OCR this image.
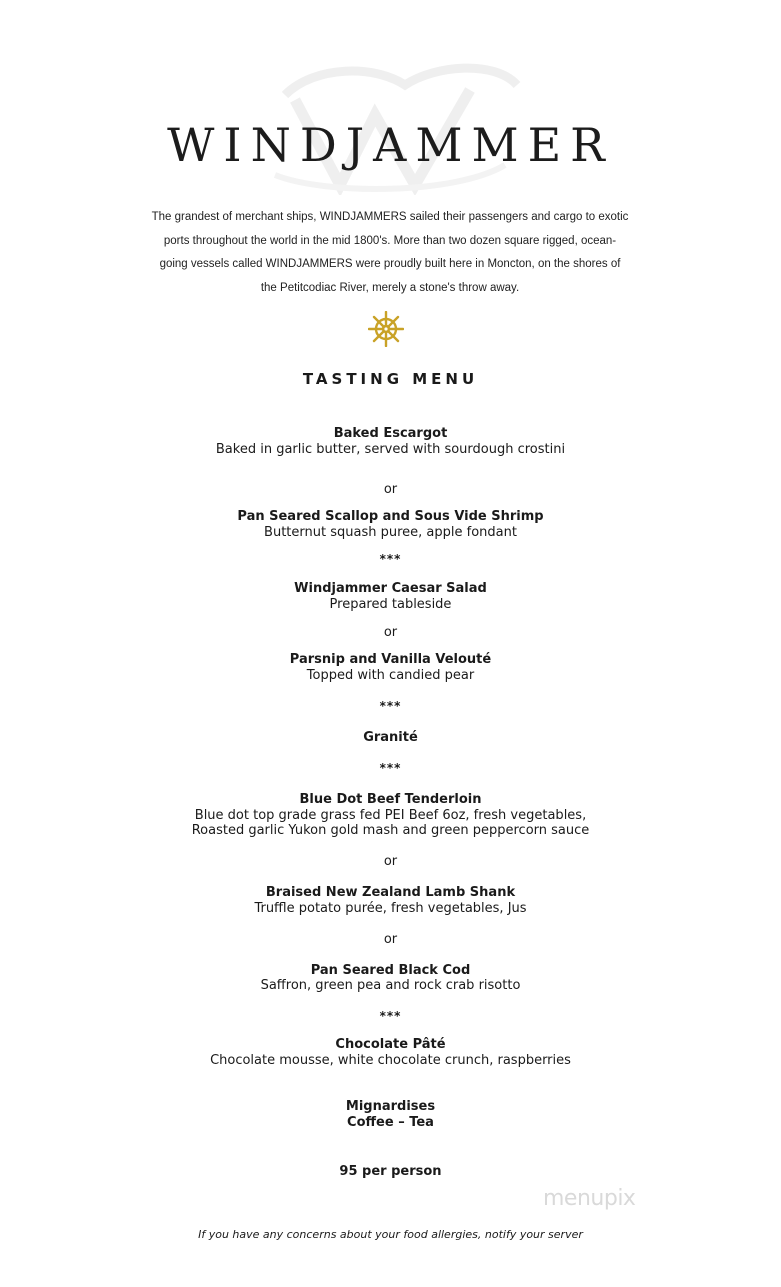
WINDJAMMER
The grandest of merchant ships, WINDJAMMERS sailed their passengers and cargo to exotic
ports throughout the world in the mid 1800's. More than two dozen square rigged, ocean-
going vessels called WINDJAMMERS were proudly built here in Moncton, on the shores of
the Petitcodiac River, merely a stone's throw away.
TASTING MENU
Baked Escargot
Baked in garlic butter, served with sourdough crostini
or
Pan Seared Scallop and Sous Vide Shrimp
Butternut squash puree, apple fondant
***
Windjammer Caesar Salad
Prepared tableside
or
Parsnip and Vanilla Velouté
Topped with candied pear
***
Granité
***
Blue Dot Beef Tenderloin
Blue dot top grade grass fed PEI Beef 6oz, fresh vegetables,
Roasted garlic Yukon gold mash and green peppercorn sauce
or
Braised New Zealand Lamb Shank
Truffle potato purée, fresh vegetables, Jus
or
Pan Seared Black Cod
Saffron, green pea and rock crab risotto
***
Chocolate Pâté
Chocolate mousse, white chocolate crunch, raspberries
Mignardises
Coffee – Tea
95 per person
menupix
If you have any concerns about your food allergies, notify your server
